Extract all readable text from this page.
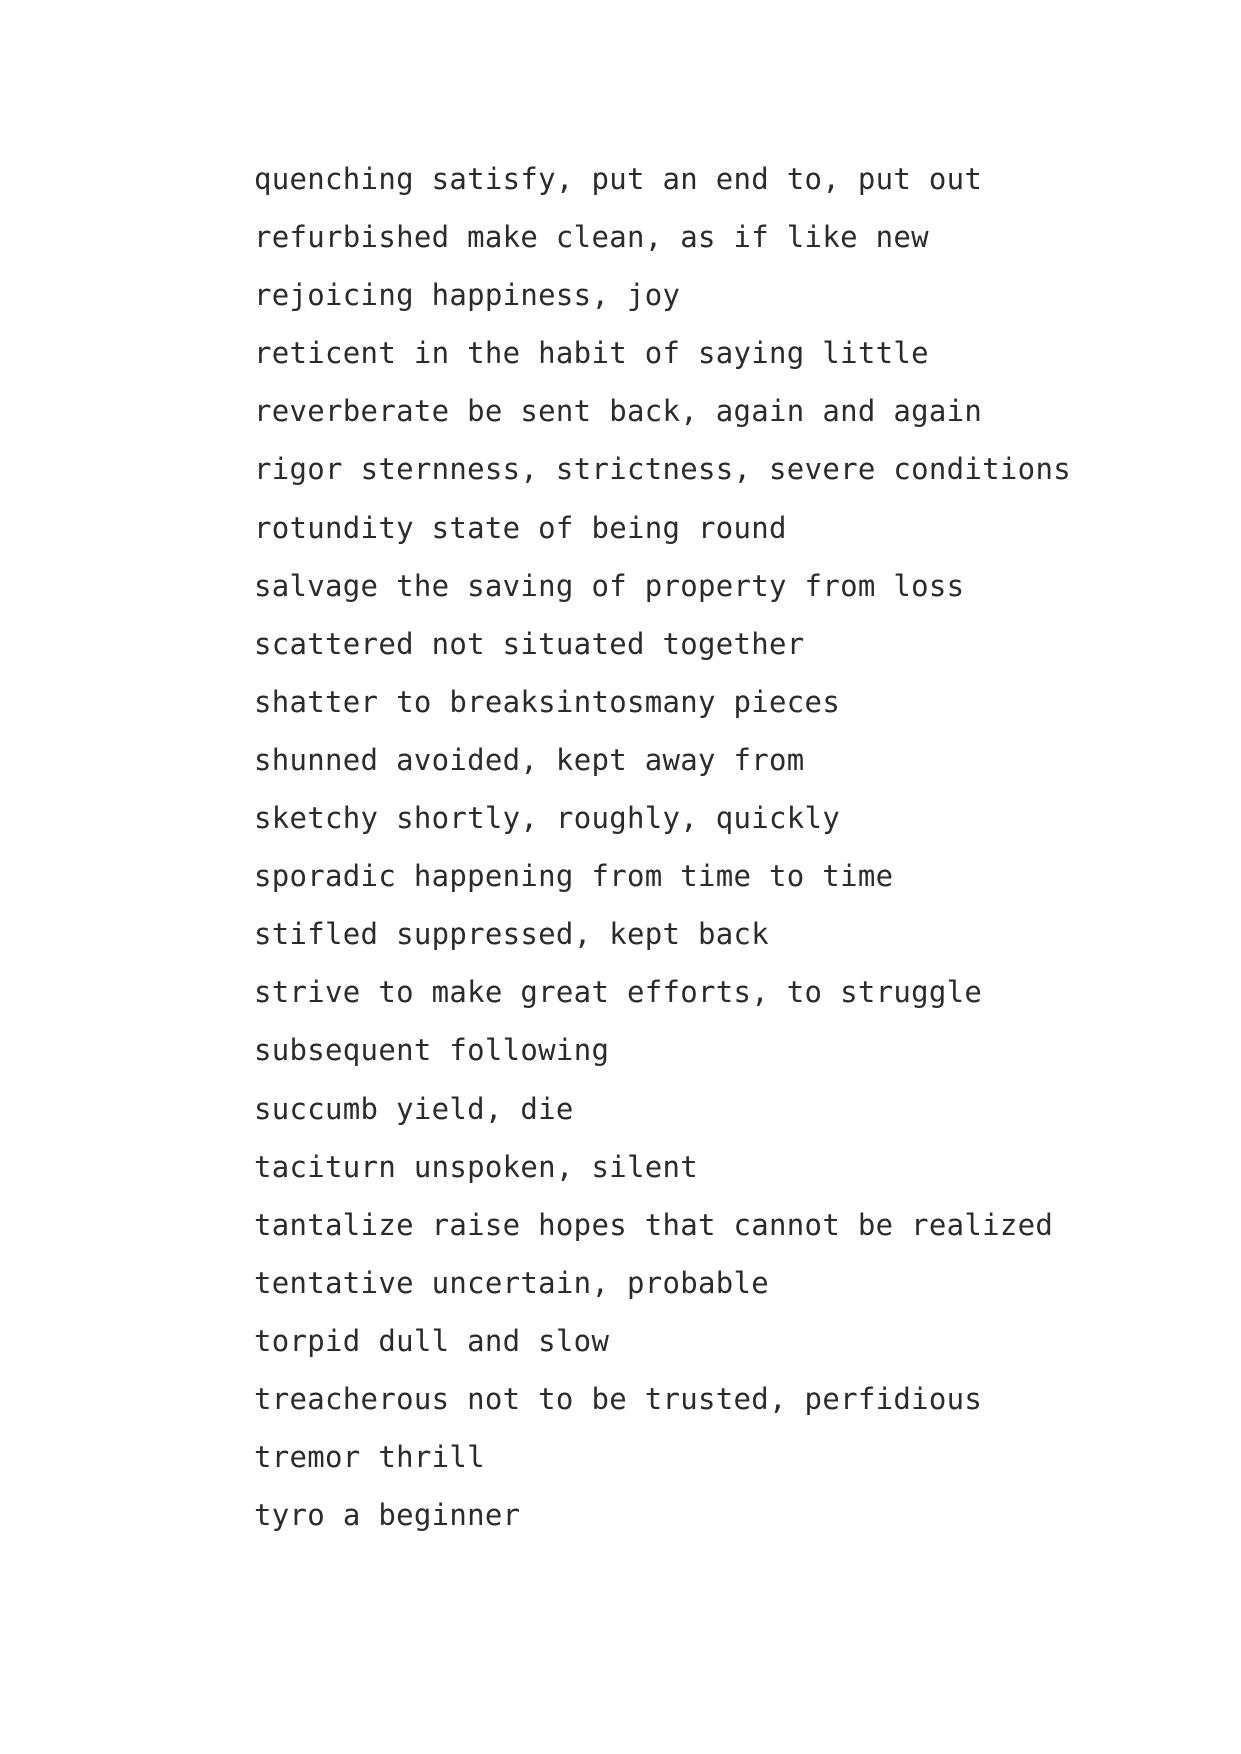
quenching satisfy, put an end to, put out
refurbished make clean, as if like new
rejoicing happiness, joy
reticent in the habit of saying little
reverberate be sent back, again and again
rigor sternness, strictness, severe conditions
rotundity state of being round
salvage the saving of property from loss
scattered not situated together
shatter to breaksintosmany pieces
shunned avoided, kept away from
sketchy shortly, roughly, quickly
sporadic happening from time to time
stifled suppressed, kept back
strive to make great efforts, to struggle
subsequent following
succumb yield, die
taciturn unspoken, silent
tantalize raise hopes that cannot be realized
tentative uncertain, probable
torpid dull and slow
treacherous not to be trusted, perfidious
tremor thrill
tyro a beginner
